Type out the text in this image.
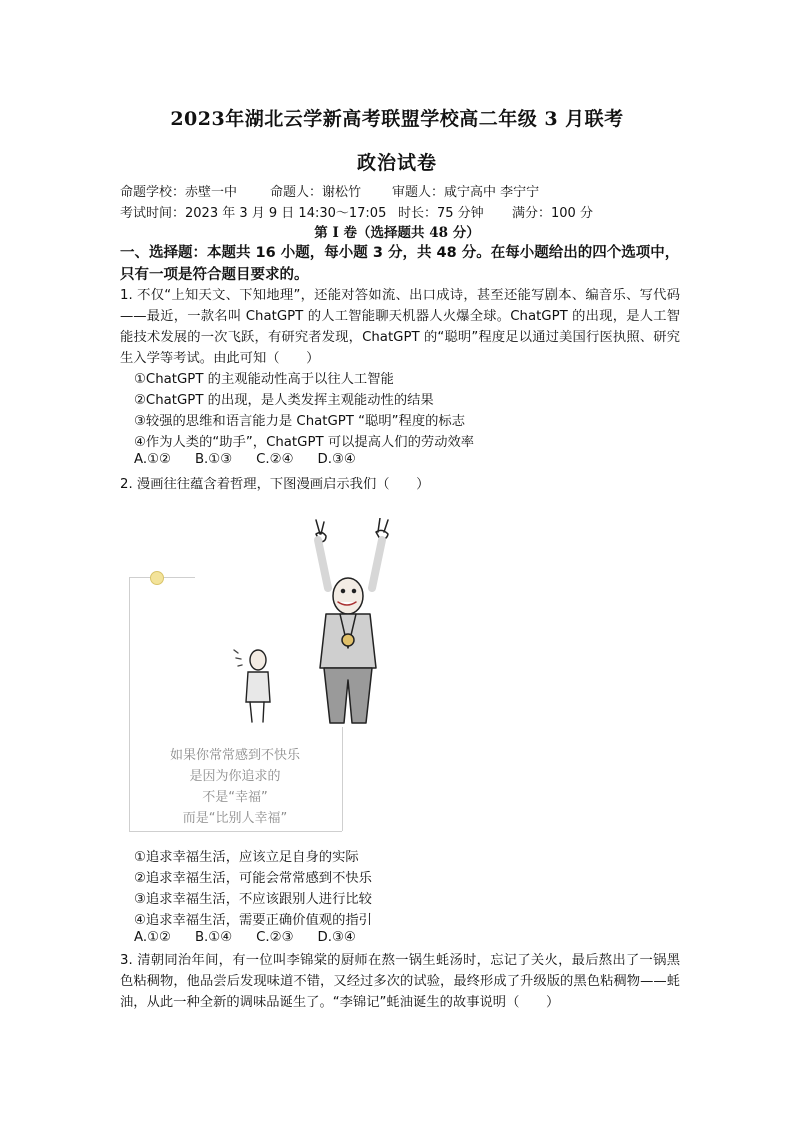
2023年湖北云学新高考联盟学校高二年级 3 月联考
政治试卷
命题学校：赤壁一中	命题人：谢松竹 审题人：咸宁高中 李宁宁
考试时间：2023 年 3 月 9 日 14:30～17:05 时长：75 分钟 满分：100 分
第 I 卷（选择题共 48 分）
一、选择题：本题共 16 小题，每小题 3 分，共 48 分。在每小题给出的四个选项中，只有一项是符合题目要求的。
1. 不仅“上知天文、下知地理”，还能对答如流、出口成诗，甚至还能写剧本、编音乐、写代码——最近，一款名叫 ChatGPT 的人工智能聊天机器人火爆全球。ChatGPT 的出现，是人工智能技术发展的一次飞跃，有研究者发现，ChatGPT 的“聪明”程度足以通过美国行医执照、研究生入学等考试。由此可知（　　）
①ChatGPT 的主观能动性高于以往人工智能
②ChatGPT 的出现，是人类发挥主观能动性的结果
③较强的思维和语言能力是 ChatGPT “聪明”程度的标志
④作为人类的“助手”，ChatGPT 可以提高人们的劳动效率
A.①② B.①③ C.②④ D.③④
2. 漫画往往蕴含着哲理，下图漫画启示我们（　　）
如果你常常感到不快乐
是因为你追求的
不是“幸福”
而是“比别人幸福”
①追求幸福生活，应该立足自身的实际
②追求幸福生活，可能会常常感到不快乐
③追求幸福生活，不应该跟别人进行比较
④追求幸福生活，需要正确价值观的指引
A.①② B.①④ C.②③ D.③④
3. 清朝同治年间，有一位叫李锦棠的厨师在熬一锅生蚝汤时，忘记了关火，最后熬出了一锅黑色粘稠物，他品尝后发现味道不错，又经过多次的试验，最终形成了升级版的黑色粘稠物——蚝油，从此一种全新的调味品诞生了。“李锦记”蚝油诞生的故事说明（　　）
